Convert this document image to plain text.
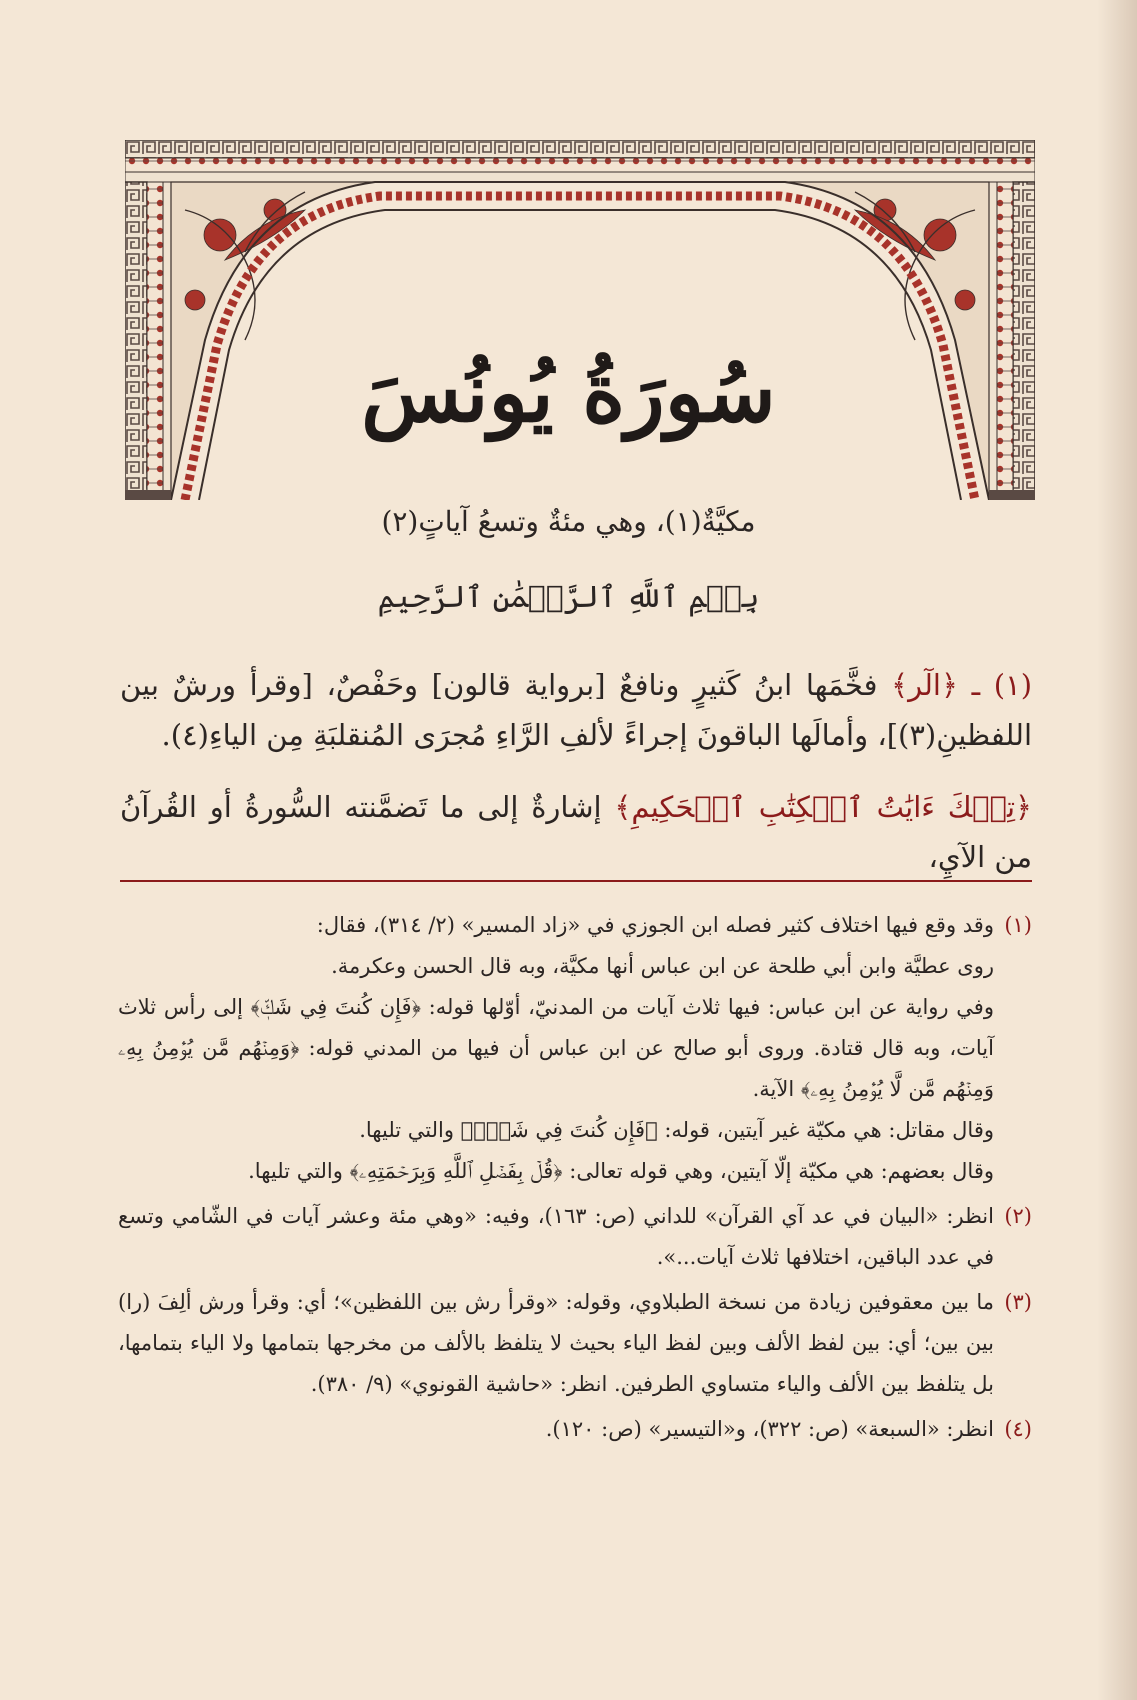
سُورَةُ يُونُسَ
مكيَّةٌ(١)، وهي مئةٌ وتسعُ آياتٍ(٢)
بِسۡمِ ٱللَّهِ ٱلرَّحۡمَٰنِ ٱلرَّحِيمِ

(١) ـ ﴿الٓر﴾ فخَّمَها ابنُ كَثيرٍ ونافعٌ [برواية قالون] وحَفْصٌ، [وقرأ ورشٌ بين اللفظينِ(٣)]، وأمالَها الباقونَ إجراءً لألفِ الرَّاءِ مُجرَى المُنقلبَةِ مِن الياءِ(٤).

﴿تِلۡكَ ءَايَٰتُ ٱلۡكِتَٰبِ ٱلۡحَكِيمِ﴾ إشارةٌ إلى ما تَضمَّنته السُّورةُ أو القُرآنُ من الآيِ،

(١)

وقد وقع فيها اختلاف كثير فصله ابن الجوزي في «زاد المسير» (٢/ ٣١٤)، فقال:

روى عطيَّة وابن أبي طلحة عن ابن عباس أنها مكيَّة، وبه قال الحسن وعكرمة.

وفي رواية عن ابن عباس: فيها ثلاث آيات من المدنيّ، أوّلها قوله: ﴿فَإِن كُنتَ فِي شَكّٖ﴾ إلى رأس ثلاث آيات، وبه قال قتادة. وروى أبو صالح عن ابن عباس أن فيها من المدني قوله: ﴿وَمِنۡهُم مَّن يُؤۡمِنُ بِهِۦ وَمِنۡهُم مَّن لَّا يُؤۡمِنُ بِهِۦ﴾ الآية.

وقال مقاتل: هي مكيّة غير آيتين، قوله: ﴿فَإِن كُنتَ فِي شَكّٖ﴾ والتي تليها.

وقال بعضهم: هي مكيّة إلّا آيتين، وهي قوله تعالى: ﴿قُلۡ بِفَضۡلِ ٱللَّهِ وَبِرَحۡمَتِهِۦ﴾ والتي تليها.

(٢)

انظر: «البيان في عد آي القرآن» للداني (ص: ١٦٣)، وفيه: «وهي مئة وعشر آيات في الشّامي وتسع في عدد الباقين، اختلافها ثلاث آيات...».

(٣)

ما بين معقوفين زيادة من نسخة الطبلاوي، وقوله: «وقرأ رش بين اللفظين»؛ أي: وقرأ ورش ألِفَ (را) بين بين؛ أي: بين لفظ الألف وبين لفظ الياء بحيث لا يتلفظ بالألف من مخرجها بتمامها ولا الياء بتمامها، بل يتلفظ بين الألف والياء متساوي الطرفين. انظر: «حاشية القونوي» (٩/ ٣٨٠).

(٤)

انظر: «السبعة» (ص: ٣٢٢)، و«التيسير» (ص: ١٢٠).
